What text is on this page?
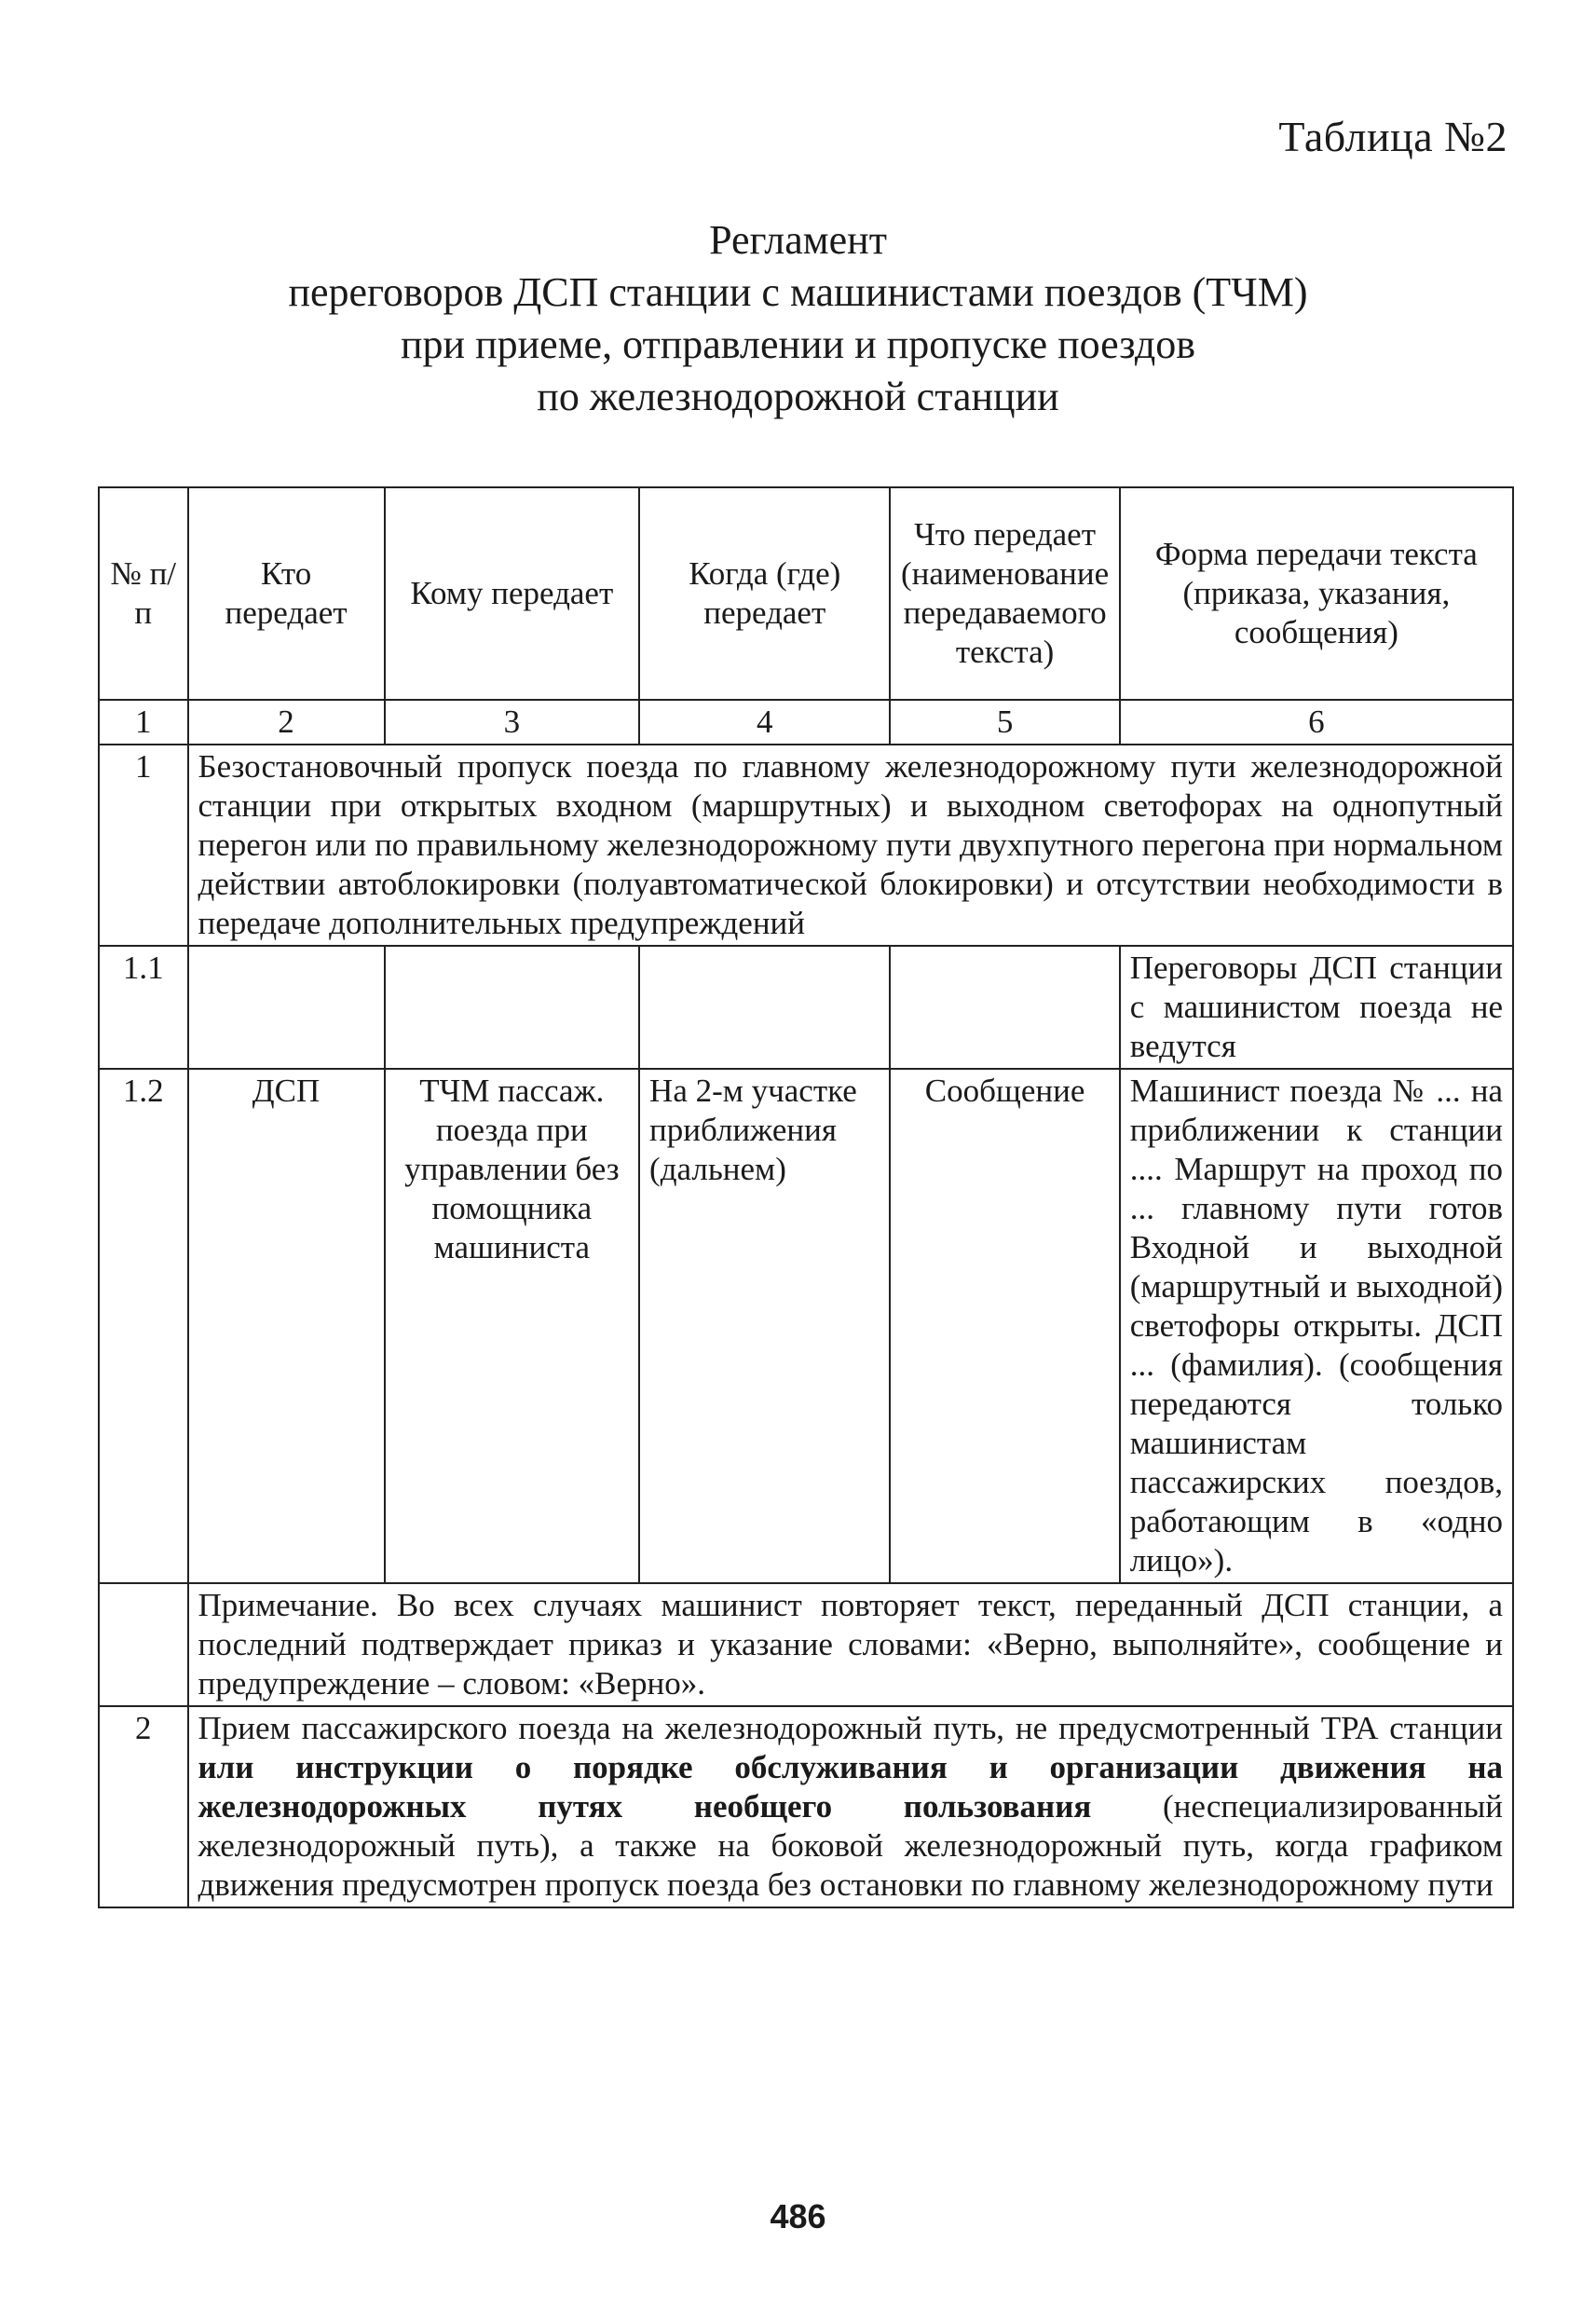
Таблица №2
Регламент
переговоров ДСП станции с машинистами поездов (ТЧМ)
при приеме, отправлении и пропуске поездов
по железнодорожной станции
№ п/п	Кто передает	Кому передает	Когда (где) передает	Что передает (наименование передаваемого текста)	Форма передачи текста (приказа, указания, сообщения)
1	2	3	4	5	6
1	Безостановочный пропуск поезда по главному железнодорожному пути железнодорожной станции при открытых входном (маршрутных) и выходном светофорах на однопутный перегон или по правильному железнодорожному пути двухпутного перегона при нормальном действии автоблокировки (полуавтоматической блокировки) и отсутствии необходимости в передаче дополнительных предупреждений				
1.1					Переговоры ДСП станции с машинистом поезда не ведутся
1.2	ДСП	ТЧМ пассаж. поезда при управлении без помощника машиниста	На 2-м участке приближения (дальнем)	Сообщение	Машинист поезда № ... на приближении к станции .... Маршрут на проход по ... главному пути готов Входной и выходной (маршрутный и выходной) светофоры открыты. ДСП ... (фамилия). (сообщения передаются только машинистам пассажирских поездов, работающим в «одно лицо»).
	Примечание. Во всех случаях машинист повторяет текст, переданный ДСП станции, а последний подтверждает приказ и указание словами: «Верно, выполняйте», сообщение и предупреждение – словом: «Верно».				
2	Прием пассажирского поезда на железнодорожный путь, не предусмотренный ТРА станции или инструкции о порядке обслуживания и организации движения на железнодорожных путях необщего пользования (неспециализированный железнодорожный путь), а также на боковой железнодорожный путь, когда графиком движения предусмотрен пропуск поезда без остановки по главному железнодорожному пути				
486
